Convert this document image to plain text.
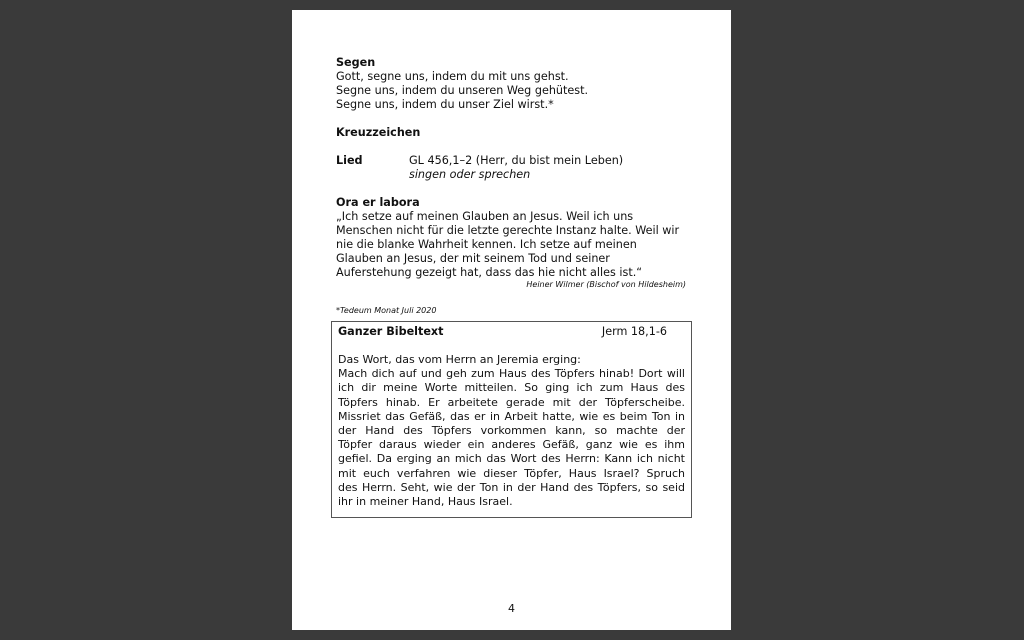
Segen
Gott, segne uns, indem du mit uns gehst.
Segne uns, indem du unseren Weg gehütest.
Segne uns, indem du unser Ziel wirst.*
Kreuzzeichen
Lied	GL 456,1–2 (Herr, du bist mein Leben)
singen oder sprechen
Ora er labora
„Ich setze auf meinen Glauben an Jesus. Weil ich uns
Menschen nicht für die letzte gerechte Instanz halte. Weil wir
nie die blanke Wahrheit kennen. Ich setze auf meinen
Glauben an Jesus, der mit seinem Tod und seiner
Auferstehung gezeigt hat, dass das hie nicht alles ist.“
Heiner Wilmer (Bischof von Hildesheim)
*Tedeum Monat Juli 2020
Ganzer Bibeltext	Jerm 18,1-6
Das Wort, das vom Herrn an Jeremia erging:
Mach dich auf und geh zum Haus des Töpfers hinab! Dort will
ich dir meine Worte mitteilen. So ging ich zum Haus des
Töpfers hinab. Er arbeitete gerade mit der Töpferscheibe.
Missriet das Gefäß, das er in Arbeit hatte, wie es beim Ton in
der Hand des Töpfers vorkommen kann, so machte der
Töpfer daraus wieder ein anderes Gefäß, ganz wie es ihm
gefiel. Da erging an mich das Wort des Herrn: Kann ich nicht
mit euch verfahren wie dieser Töpfer, Haus Israel? Spruch
des Herrn. Seht, wie der Ton in der Hand des Töpfers, so seid
ihr in meiner Hand, Haus Israel.
4
